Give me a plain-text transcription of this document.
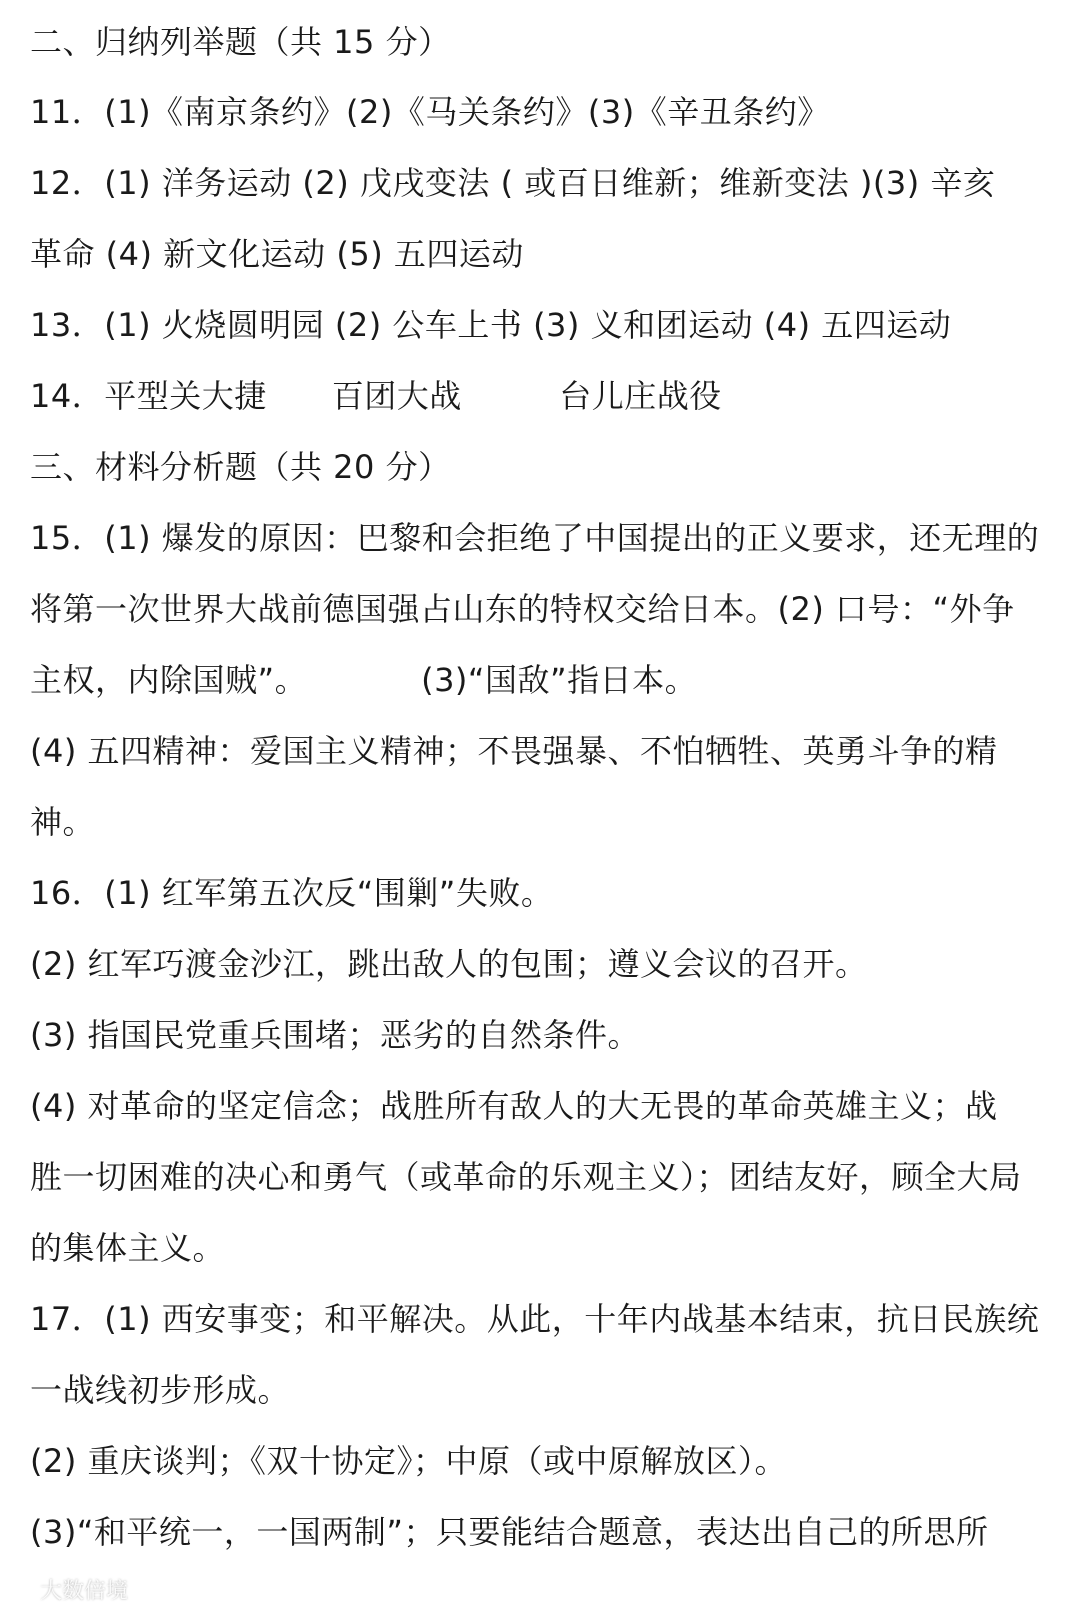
二、归纳列举题（共 15 分）
11．(1)《南京条约》(2)《马关条约》(3)《辛丑条约》
12．(1) 洋务运动 (2) 戊戌变法 ( 或百日维新；维新变法 )(3) 辛亥
革命 (4) 新文化运动 (5) 五四运动
13．(1) 火烧圆明园 (2) 公车上书 (3) 义和团运动 (4) 五四运动
14．平型关大捷　　百团大战　　　台儿庄战役
三、材料分析题（共 20 分）
15．(1) 爆发的原因：巴黎和会拒绝了中国提出的正义要求，还无理的
将第一次世界大战前德国强占山东的特权交给日本。(2) 口号：“外争
主权，内除国贼”。　　　　(3)“国敌”指日本。
(4) 五四精神：爱国主义精神；不畏强暴、不怕牺牲、英勇斗争的精
神。
16．(1) 红军第五次反“围剿”失败。
(2) 红军巧渡金沙江，跳出敌人的包围；遵义会议的召开。
(3) 指国民党重兵围堵；恶劣的自然条件。
(4) 对革命的坚定信念；战胜所有敌人的大无畏的革命英雄主义；战
胜一切困难的决心和勇气（或革命的乐观主义）；团结友好，顾全大局
的集体主义。
17．(1) 西安事变；和平解决。从此，十年内战基本结束，抗日民族统
一战线初步形成。
(2) 重庆谈判；《双十协定》；中原（或中原解放区）。
(3)“和平统一，一国两制”；只要能结合题意，表达出自己的所思所
大数倍境
